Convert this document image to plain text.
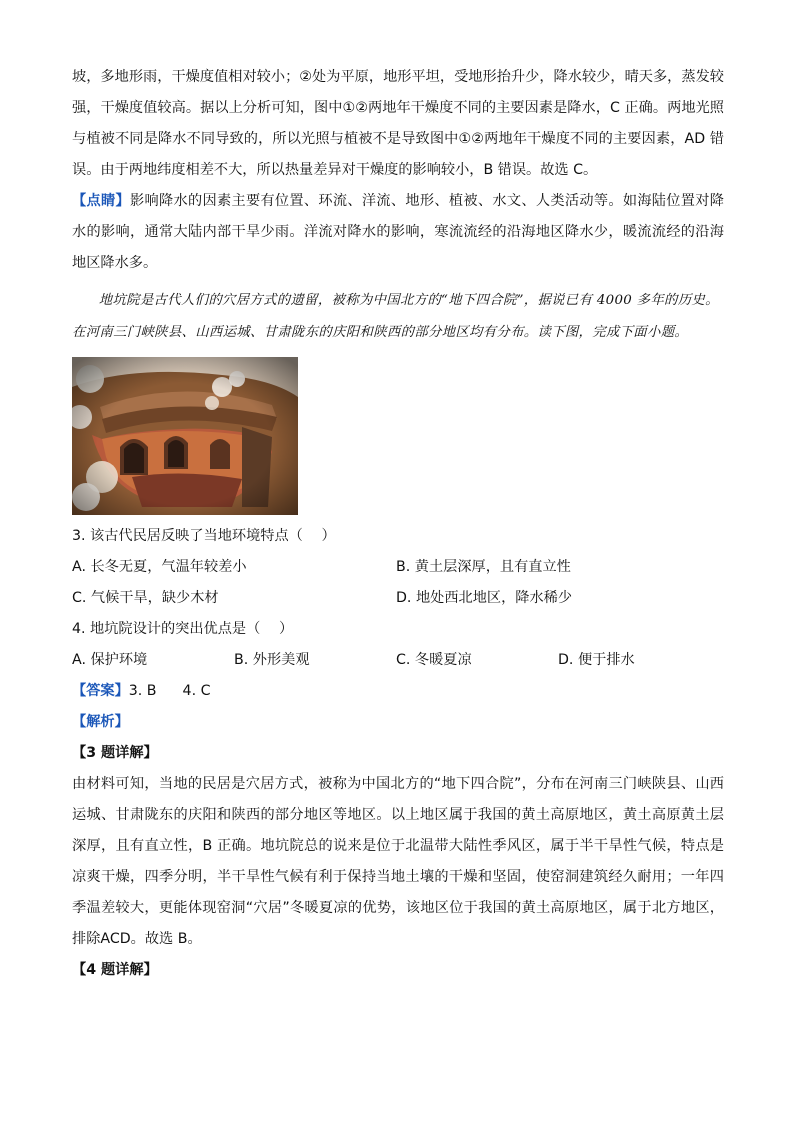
坡，多地形雨，干燥度值相对较小；②处为平原，地形平坦，受地形抬升少，降水较少，晴天多，蒸发较强，干燥度值较高。据以上分析可知，图中①②两地年干燥度不同的主要因素是降水，C 正确。两地光照与植被不同是降水不同导致的，所以光照与植被不是导致图中①②两地年干燥度不同的主要因素，AD 错误。由于两地纬度相差不大，所以热量差异对干燥度的影响较小，B 错误。故选 C。

【点睛】影响降水的因素主要有位置、环流、洋流、地形、植被、水文、人类活动等。如海陆位置对降水的影响，通常大陆内部干旱少雨。洋流对降水的影响，寒流流经的沿海地区降水少，暖流流经的沿海地区降水多。

地坑院是古代人们的穴居方式的遗留，被称为中国北方的“地下四合院”，据说已有 4000 多年的历史。在河南三门峡陕县、山西运城、甘肃陇东的庆阳和陕西的部分地区均有分布。读下图，完成下面小题。

3. 该古代民居反映了当地环境特点（　 ）

A. 长冬无夏，气温年较差小	B. 黄土层深厚，且有直立性
C. 气候干旱，缺少木材	D. 地处西北地区，降水稀少

4. 地坑院设计的突出优点是（　 ）

A. 保护环境	B. 外形美观	C. 冬暖夏凉	D. 便于排水

【答案】3. B 4. C

【解析】

【3 题详解】

由材料可知，当地的民居是穴居方式，被称为中国北方的“地下四合院”，分布在河南三门峡陕县、山西运城、甘肃陇东的庆阳和陕西的部分地区等地区。以上地区属于我国的黄土高原地区，黄土高原黄土层深厚，且有直立性，B 正确。地坑院总的说来是位于北温带大陆性季风区，属于半干旱性气候，特点是凉爽干燥，四季分明，半干旱性气候有利于保持当地土壤的干燥和坚固，使窑洞建筑经久耐用；一年四季温差较大，更能体现窑洞“穴居”冬暖夏凉的优势，该地区位于我国的黄土高原地区，属于北方地区，排除ACD。故选 B。

【4 题详解】
